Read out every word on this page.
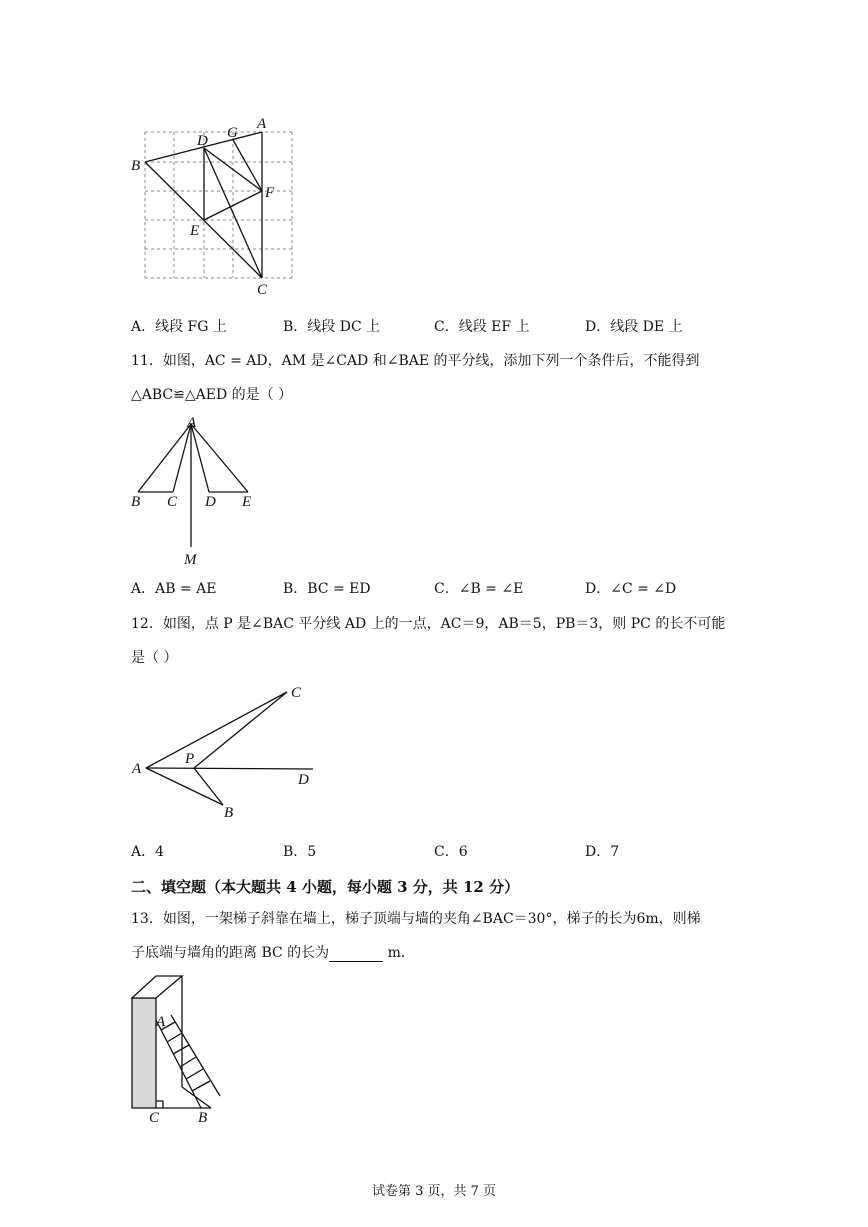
A
G
D
B
F
E
C
A．线段 FG 上	B．线段 DC 上	C．线段 EF 上	D．线段 DE 上
11．如图，AC = AD，AM 是∠CAD 和∠BAE 的平分线，添加下列一个条件后，不能得到
△ABC≌△AED 的是（ ）
A
B C D E
M
A．AB = AE	B．BC = ED	C．∠B = ∠E	D．∠C = ∠D
12．如图，点 P 是∠BAC 平分线 AD 上的一点，AC＝9，AB＝5，PB＝3，则 PC 的长不可能
是（ ）
C
A
P
D
B
A．4	B．5	C．6	D．7
二、填空题（本大题共 4 小题，每小题 3 分，共 12 分）
13．如图，一架梯子斜靠在墙上，梯子顶端与墙的夹角∠BAC＝30°，梯子的长为6m，则梯
子底端与墙角的距离 BC 的长为	m．
A
C	B
试卷第 3 页，共 7 页
